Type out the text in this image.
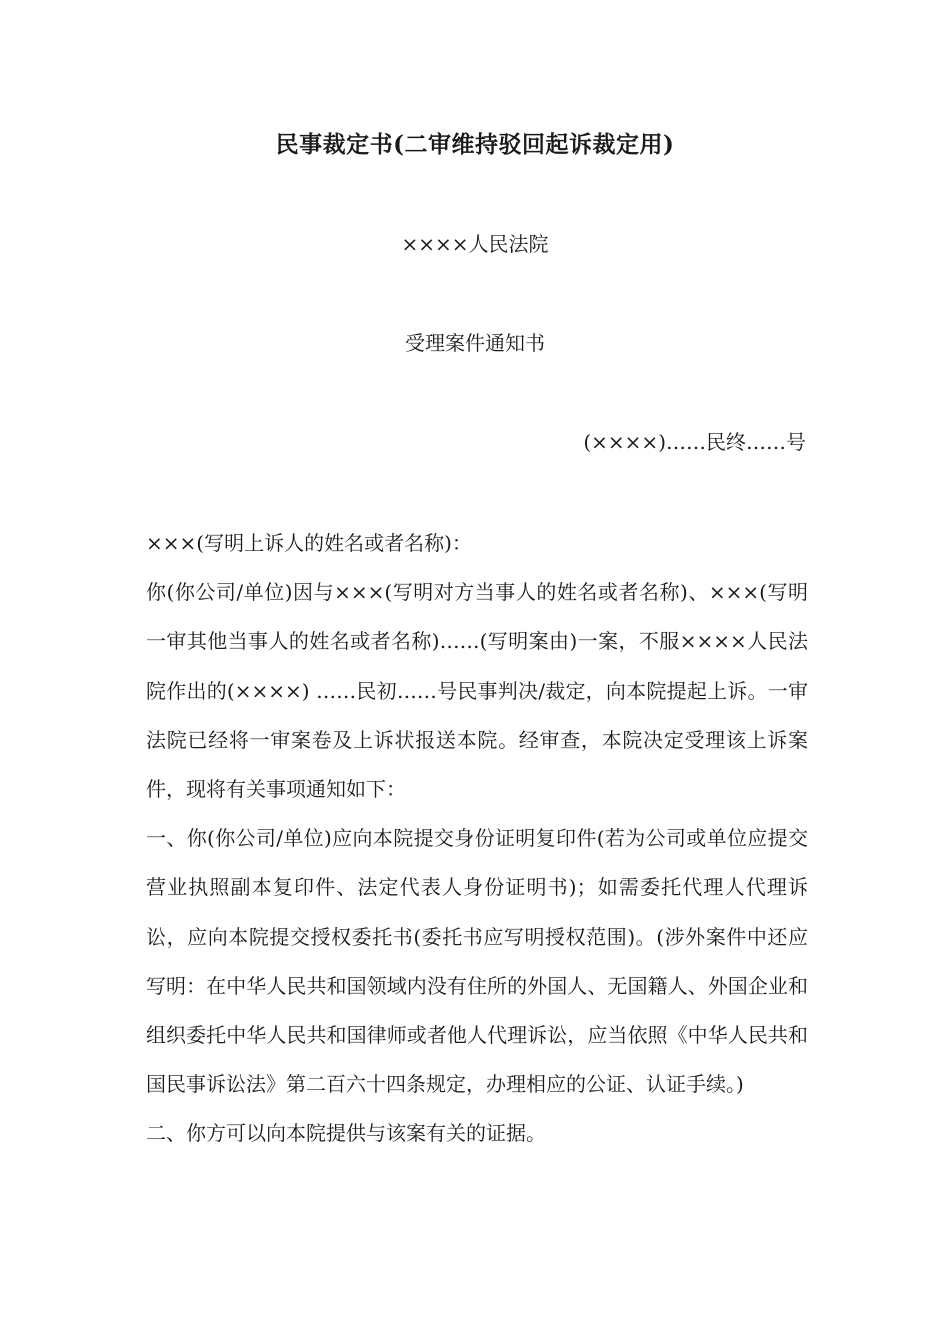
民事裁定书(二审维持驳回起诉裁定用)
××××人民法院
受理案件通知书
(××××)……民终……号

×××(写明上诉人的姓名或者名称)：

你(你公司/单位)因与×××(写明对方当事人的姓名或者名称)、×××(写明一审其他当事人的姓名或者名称)……(写明案由)一案，不服××××人民法院作出的(××××) ……民初……号民事判决/裁定，向本院提起上诉。一审法院已经将一审案卷及上诉状报送本院。经审查，本院决定受理该上诉案件，现将有关事项通知如下：

一、你(你公司/单位)应向本院提交身份证明复印件(若为公司或单位应提交营业执照副本复印件、法定代表人身份证明书)；如需委托代理人代理诉讼，应向本院提交授权委托书(委托书应写明授权范围)。(涉外案件中还应写明：在中华人民共和国领域内没有住所的外国人、无国籍人、外国企业和组织委托中华人民共和国律师或者他人代理诉讼，应当依照《中华人民共和国民事诉讼法》第二百六十四条规定，办理相应的公证、认证手续。)

二、你方可以向本院提供与该案有关的证据。
